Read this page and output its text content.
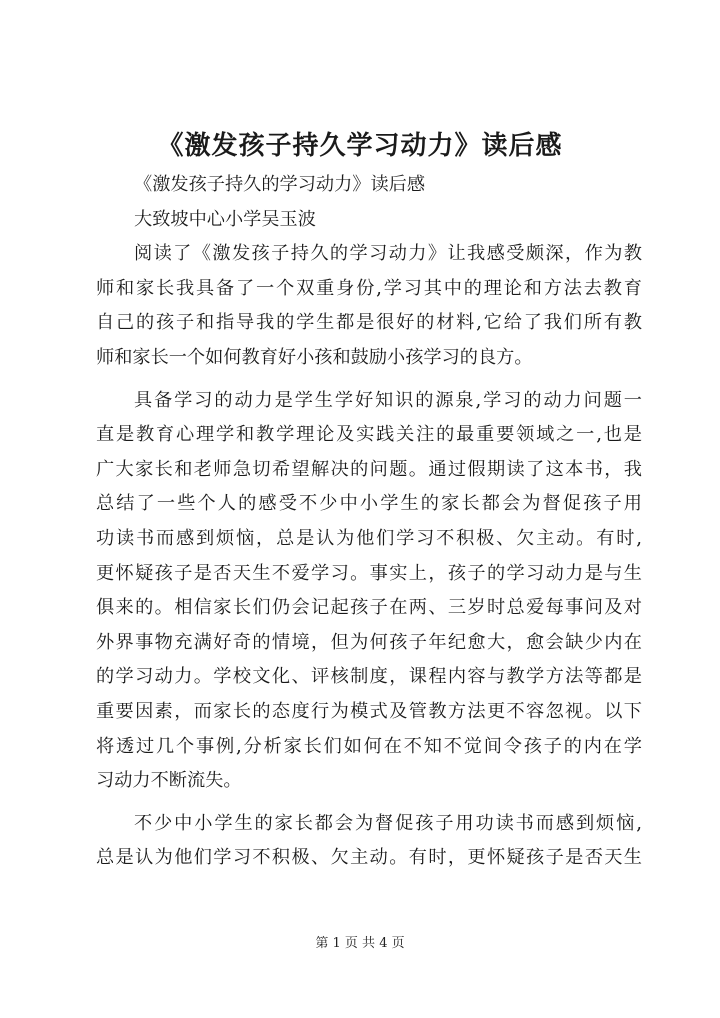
《激发孩子持久学习动力》读后感
《激发孩子持久的学习动力》读后感
大致坡中心小学吴玉波
阅读了《激发孩子持久的学习动力》让我感受颇深，作为教
师和家长我具备了一个双重身份,学习其中的理论和方法去教育
自己的孩子和指导我的学生都是很好的材料,它给了我们所有教
师和家长一个如何教育好小孩和鼓励小孩学习的良方。
具备学习的动力是学生学好知识的源泉,学习的动力问题一
直是教育心理学和教学理论及实践关注的最重要领域之一,也是
广大家长和老师急切希望解决的问题。通过假期读了这本书，我
总结了一些个人的感受不少中小学生的家长都会为督促孩子用
功读书而感到烦恼，总是认为他们学习不积极、欠主动。有时,
更怀疑孩子是否天生不爱学习。事实上，孩子的学习动力是与生
俱来的。相信家长们仍会记起孩子在两、三岁时总爱每事问及对
外界事物充满好奇的情境，但为何孩子年纪愈大，愈会缺少内在
的学习动力。学校文化、评核制度，课程内容与教学方法等都是
重要因素，而家长的态度行为模式及管教方法更不容忽视。以下
将透过几个事例,分析家长们如何在不知不觉间令孩子的内在学
习动力不断流失。
不少中小学生的家长都会为督促孩子用功读书而感到烦恼,
总是认为他们学习不积极、欠主动。有时，更怀疑孩子是否天生
第 1 页 共 4 页
